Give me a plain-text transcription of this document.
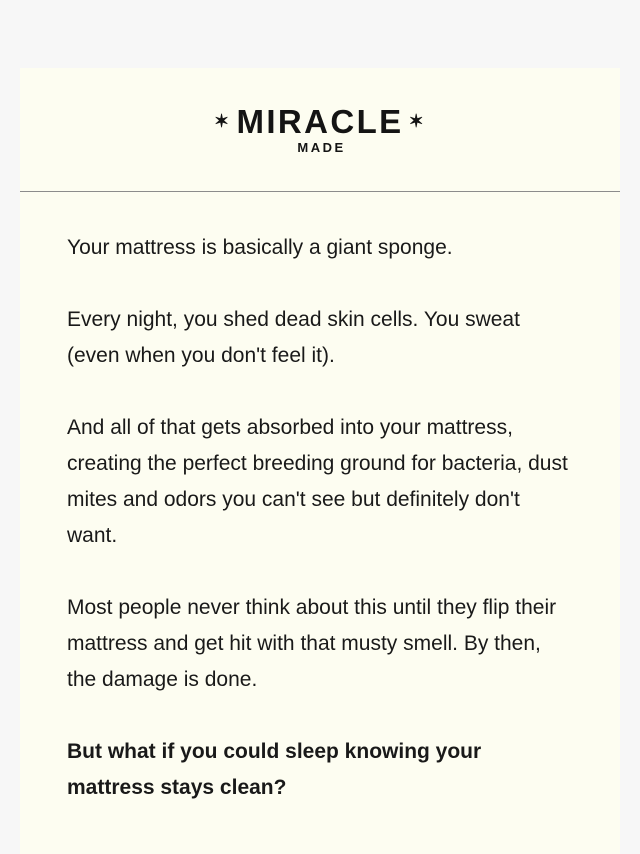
✶ MIRACLE ✶
MADE

Your mattress is basically a giant sponge.

Every night, you shed dead skin cells. You sweat (even when you don't feel it).

And all of that gets absorbed into your mattress, creating the perfect breeding ground for bacteria, dust mites and odors you can't see but definitely don't want.

Most people never think about this until they flip their mattress and get hit with that musty smell. By then, the damage is done.

But what if you could sleep knowing your mattress stays clean?
